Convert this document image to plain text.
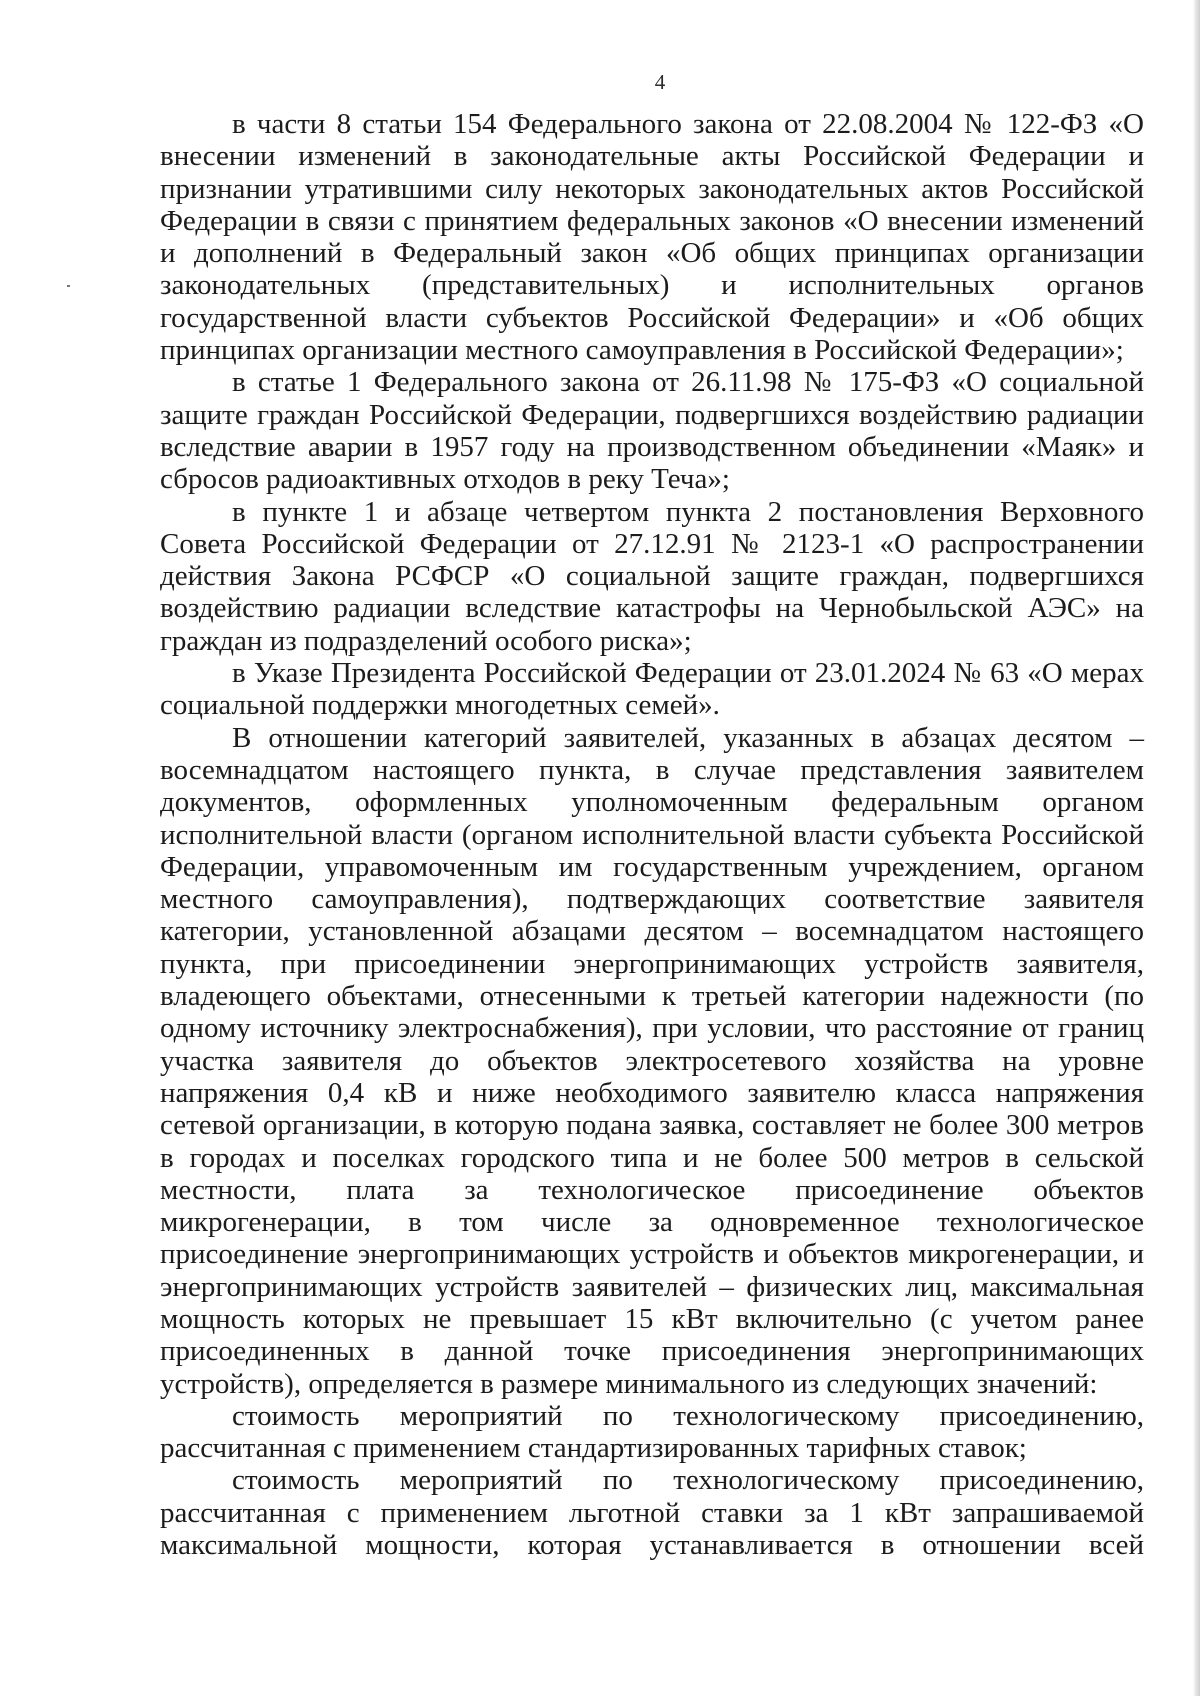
4

в части 8 статьи 154 Федерального закона от 22.08.2004 № 122-ФЗ «О внесении изменений в законодательные акты Российской Федерации и признании утратившими силу некоторых законодательных актов Российской Федерации в связи с принятием федеральных законов «О внесении изменений и дополнений в Федеральный закон «Об общих принципах организации законодательных (представительных) и исполнительных органов государственной власти субъектов Российской Федерации» и «Об общих принципах организации местного самоуправления в Российской Федерации»;

в статье 1 Федерального закона от 26.11.98 № 175-ФЗ «О социальной защите граждан Российской Федерации, подвергшихся воздействию радиации вследствие аварии в 1957 году на производственном объединении «Маяк» и сбросов радиоактивных отходов в реку Теча»;

в пункте 1 и абзаце четвертом пункта 2 постановления Верховного Совета Российской Федерации от 27.12.91 № 2123-1 «О распространении действия Закона РСФСР «О социальной защите граждан, подвергшихся воздействию радиации вследствие катастрофы на Чернобыльской АЭС» на граждан из подразделений особого риска»;

в Указе Президента Российской Федерации от 23.01.2024 № 63 «О мерах социальной поддержки многодетных семей».

В отношении категорий заявителей, указанных в абзацах десятом – восемнадцатом настоящего пункта, в случае представления заявителем документов, оформленных уполномоченным федеральным органом исполнительной власти (органом исполнительной власти субъекта Российской Федерации, управомоченным им государственным учреждением, органом местного самоуправления), подтверждающих соответствие заявителя категории, установленной абзацами десятом – восемнадцатом настоящего пункта, при присоединении энергопринимающих устройств заявителя, владеющего объектами, отнесенными к третьей категории надежности (по одному источнику электроснабжения), при условии, что расстояние от границ участка заявителя до объектов электросетевого хозяйства на уровне напряжения 0,4 кВ и ниже необходимого заявителю класса напряжения сетевой организации, в которую подана заявка, составляет не более 300 метров в городах и поселках городского типа и не более 500 метров в сельской местности, плата за технологическое присоединение объектов микрогенерации, в том числе за одновременное технологическое присоединение энергопринимающих устройств и объектов микрогенерации, и энергопринимающих устройств заявителей – физических лиц, максимальная мощность которых не превышает 15 кВт включительно (с учетом ранее присоединенных в данной точке присоединения энергопринимающих устройств), определяется в размере минимального из следующих значений:

стоимость мероприятий по технологическому присоединению, рассчитанная с применением стандартизированных тарифных ставок;

стоимость мероприятий по технологическому присоединению, рассчитанная с применением льготной ставки за 1 кВт запрашиваемой максимальной мощности, которая устанавливается в отношении всей
